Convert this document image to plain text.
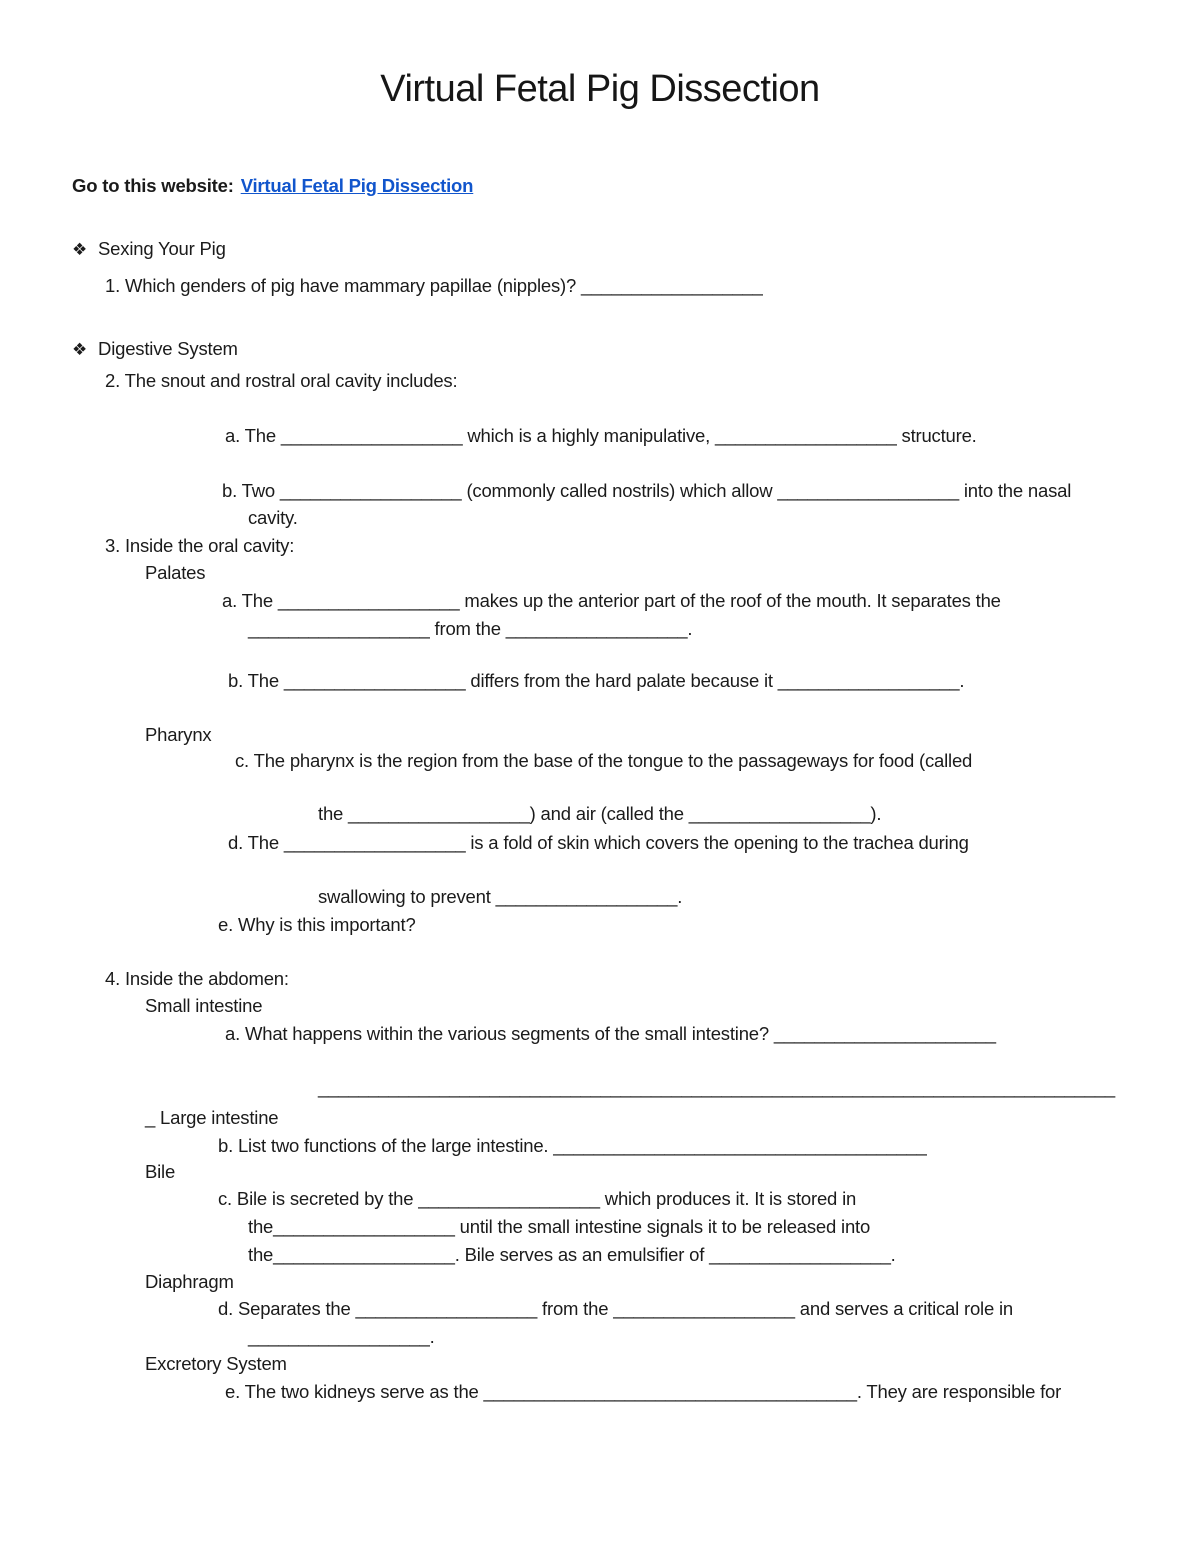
Virtual Fetal Pig Dissection
Go to this website: Virtual Fetal Pig Dissection
❖ Sexing Your Pig
1. Which genders of pig have mammary papillae (nipples)? __________________
❖ Digestive System
2. The snout and rostral oral cavity includes:
a. The __________________ which is a highly manipulative, __________________ structure.
b. Two __________________ (commonly called nostrils) which allow __________________ into the nasal
cavity.
3. Inside the oral cavity:
Palates
a. The __________________ makes up the anterior part of the roof of the mouth. It separates the
__________________ from the __________________.
b. The __________________ differs from the hard palate because it __________________.
Pharynx
c. The pharynx is the region from the base of the tongue to the passageways for food (called
the __________________) and air (called the __________________).
d. The __________________ is a fold of skin which covers the opening to the trachea during
swallowing to prevent __________________.
e. Why is this important?
4. Inside the abdomen:
Small intestine
a. What happens within the various segments of the small intestine? ______________________
_______________________________________________________________________________
_ Large intestine
b. List two functions of the large intestine. _____________________________________
Bile
c. Bile is secreted by the __________________ which produces it. It is stored in
the__________________ until the small intestine signals it to be released into
the__________________. Bile serves as an emulsifier of __________________.
Diaphragm
d. Separates the __________________ from the __________________ and serves a critical role in
__________________.
Excretory System
e. The two kidneys serve as the _____________________________________. They are responsible for
